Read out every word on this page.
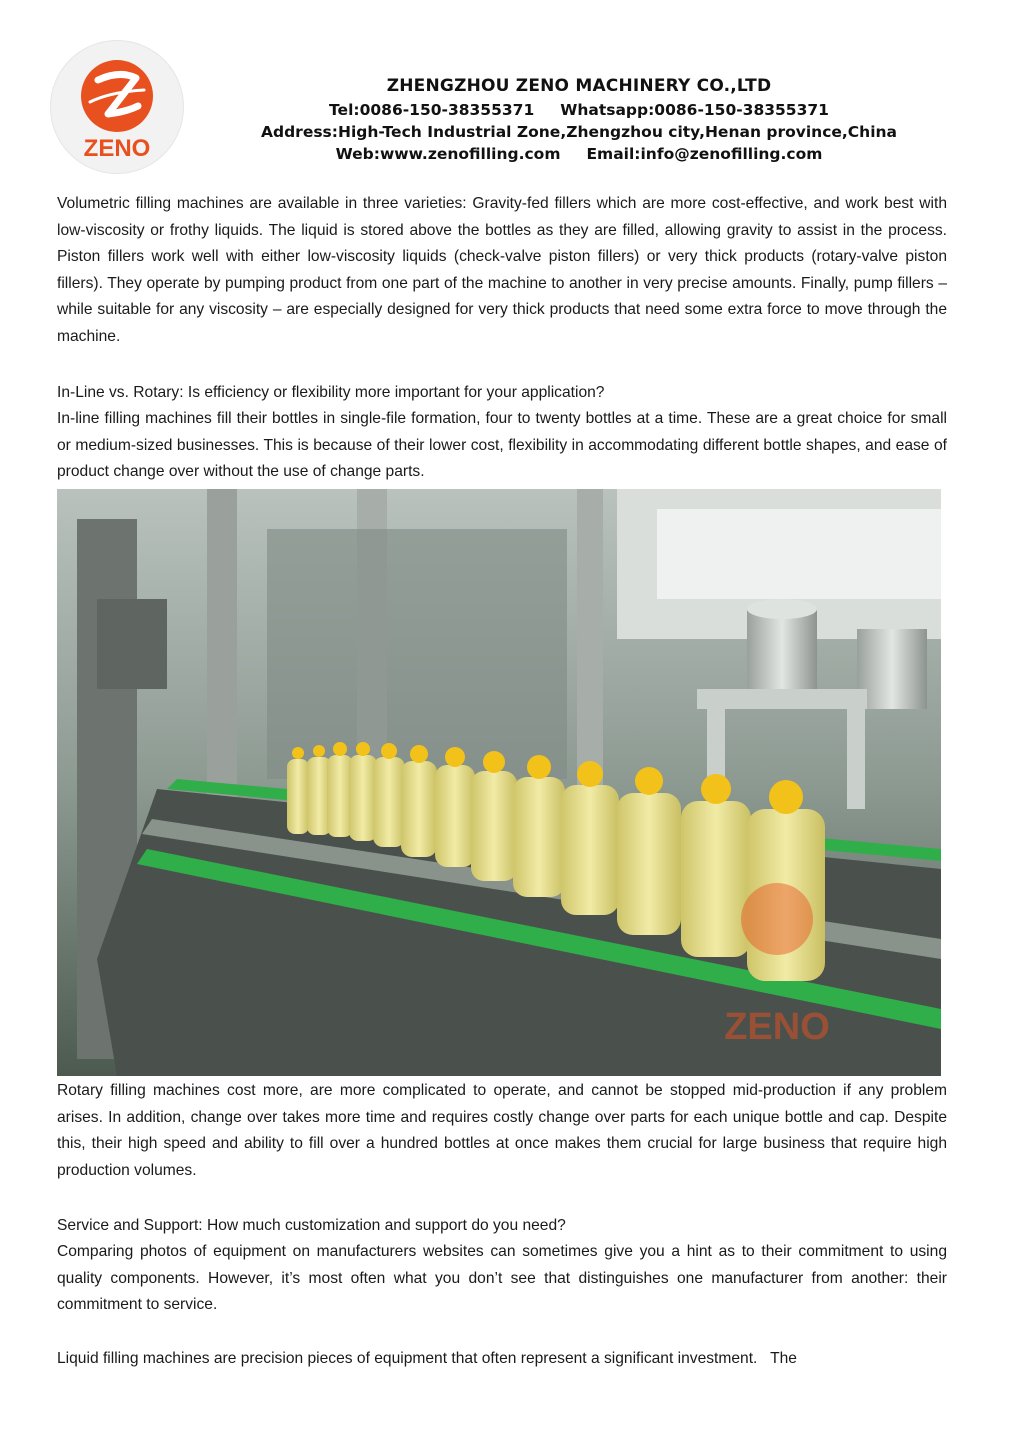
ZENO
ZHENGZHOU ZENO MACHINERY CO.,LTD
Tel:0086-150-38355371 Whatsapp:0086-150-38355371
Address:High-Tech Industrial Zone,Zhengzhou city,Henan province,China
Web:www.zenofilling.com Email:info@zenofilling.com

Volumetric filling machines are available in three varieties: Gravity-fed fillers which are more cost-effective, and work best with low-viscosity or frothy liquids. The liquid is stored above the bottles as they are filled, allowing gravity to assist in the process. Piston fillers work well with either low-viscosity liquids (check-valve piston fillers) or very thick products (rotary-valve piston fillers). They operate by pumping product from one part of the machine to another in very precise amounts. Finally, pump fillers – while suitable for any viscosity – are especially designed for very thick products that need some extra force to move through the machine.

In-Line vs. Rotary: Is efficiency or flexibility more important for your application?

In-line filling machines fill their bottles in single-file formation, four to twenty bottles at a time. These are a great choice for small or medium-sized businesses. This is because of their lower cost, flexibility in accommodating different bottle shapes, and ease of product change over without the use of change parts.

ZENO

Rotary filling machines cost more, are more complicated to operate, and cannot be stopped mid-production if any problem arises. In addition, change over takes more time and requires costly change over parts for each unique bottle and cap. Despite this, their high speed and ability to fill over a hundred bottles at once makes them crucial for large business that require high production volumes.

Service and Support: How much customization and support do you need?

Comparing photos of equipment on manufacturers websites can sometimes give you a hint as to their commitment to using quality components. However, it’s most often what you don’t see that distinguishes one manufacturer from another: their commitment to service.

Liquid filling machines are precision pieces of equipment that often represent a significant investment.   The
